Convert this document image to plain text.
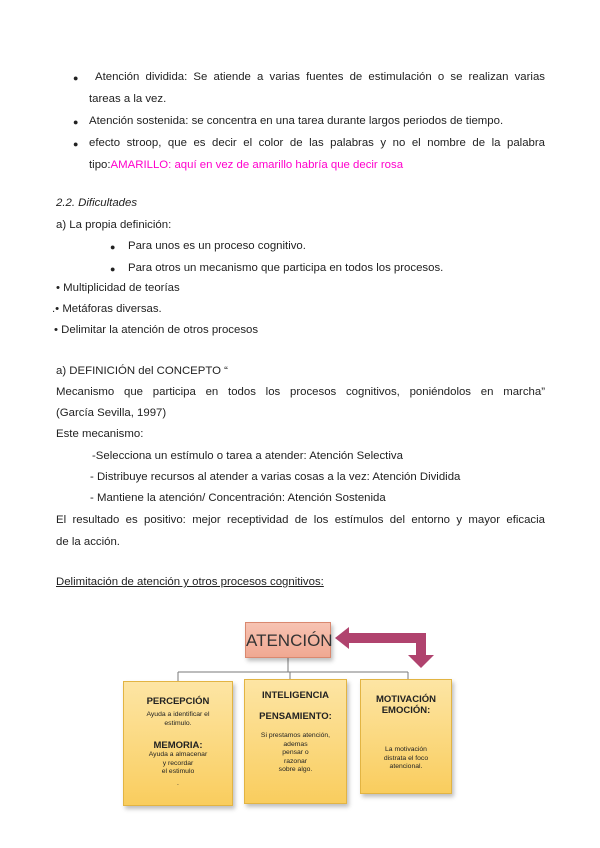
● Atención dividida: Se atiende a varias fuentes de estimulación o se realizan varias
tareas a la vez.
● Atención sostenida: se concentra en una tarea durante largos periodos de tiempo.
● efecto stroop, que es decir el color de las palabras y no el nombre de la palabra
tipo:AMARILLO: aquí en vez de amarillo habría que decir rosa
2.2. Dificultades
a) La propia definición:
● Para unos es un proceso cognitivo.
● Para otros un mecanismo que participa en todos los procesos.
• Multiplicidad de teorías
.• Metáforas diversas.
• Delimitar la atención de otros procesos
a) DEFINICIÓN del CONCEPTO “
Mecanismo que participa en todos los procesos cognitivos, poniéndolos en marcha”
(García Sevilla, 1997)
Este mecanismo:
-Selecciona un estímulo o tarea a atender: Atención Selectiva
- Distribuye recursos al atender a varias cosas a la vez: Atención Dividida
- Mantiene la atención/ Concentración: Atención Sostenida
El resultado es positivo: mejor receptividad de los estímulos del entorno y mayor eficacia
de la acción.
Delimitación de atención y otros procesos cognitivos:
ATENCIÓN
PERCEPCIÓN
Ayuda a identificar el
estimulo.
MEMORIA:
Ayuda a almacenar
y recordar
el estimulo
.
INTELIGENCIA
PENSAMIENTO:
Si prestamos atención,
ademas
pensar o
razonar
sobre algo.
MOTIVACIÓN
EMOCIÓN:
La motivación
distrata el foco
atencional.
